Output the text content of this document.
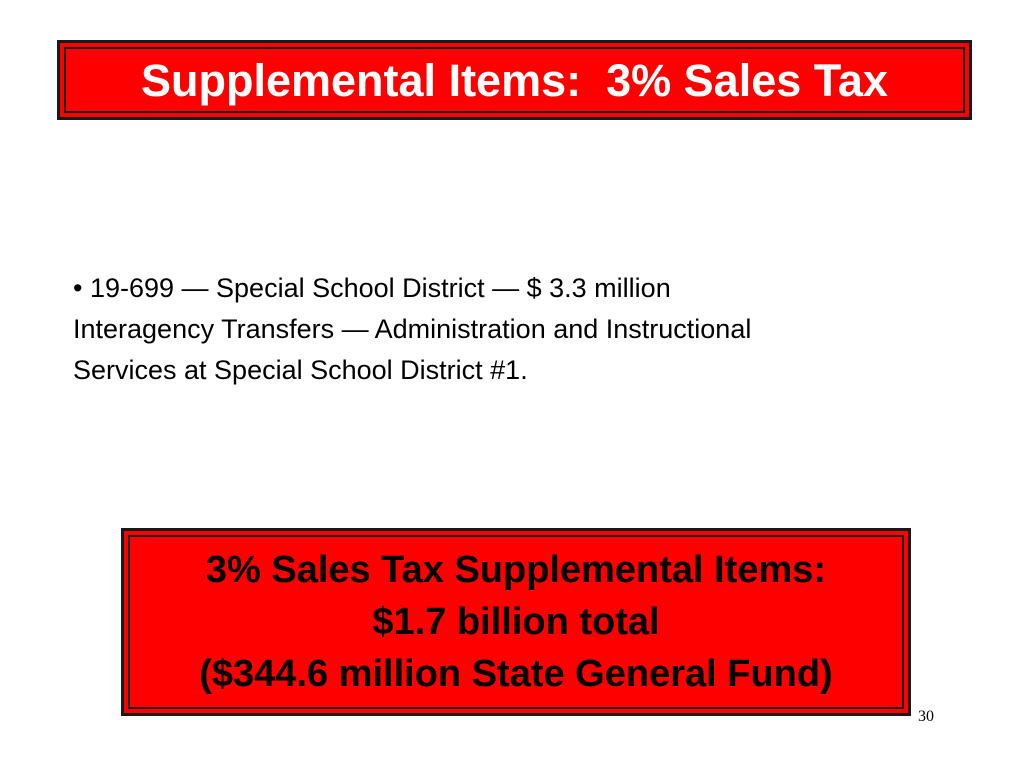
Supplemental Items:  3% Sales Tax
• 19-699 — Special School District — $ 3.3 million
Interagency Transfers — Administration and Instructional
Services at Special School District #1.
3% Sales Tax Supplemental Items:
$1.7 billion total
($344.6 million State General Fund)
30
